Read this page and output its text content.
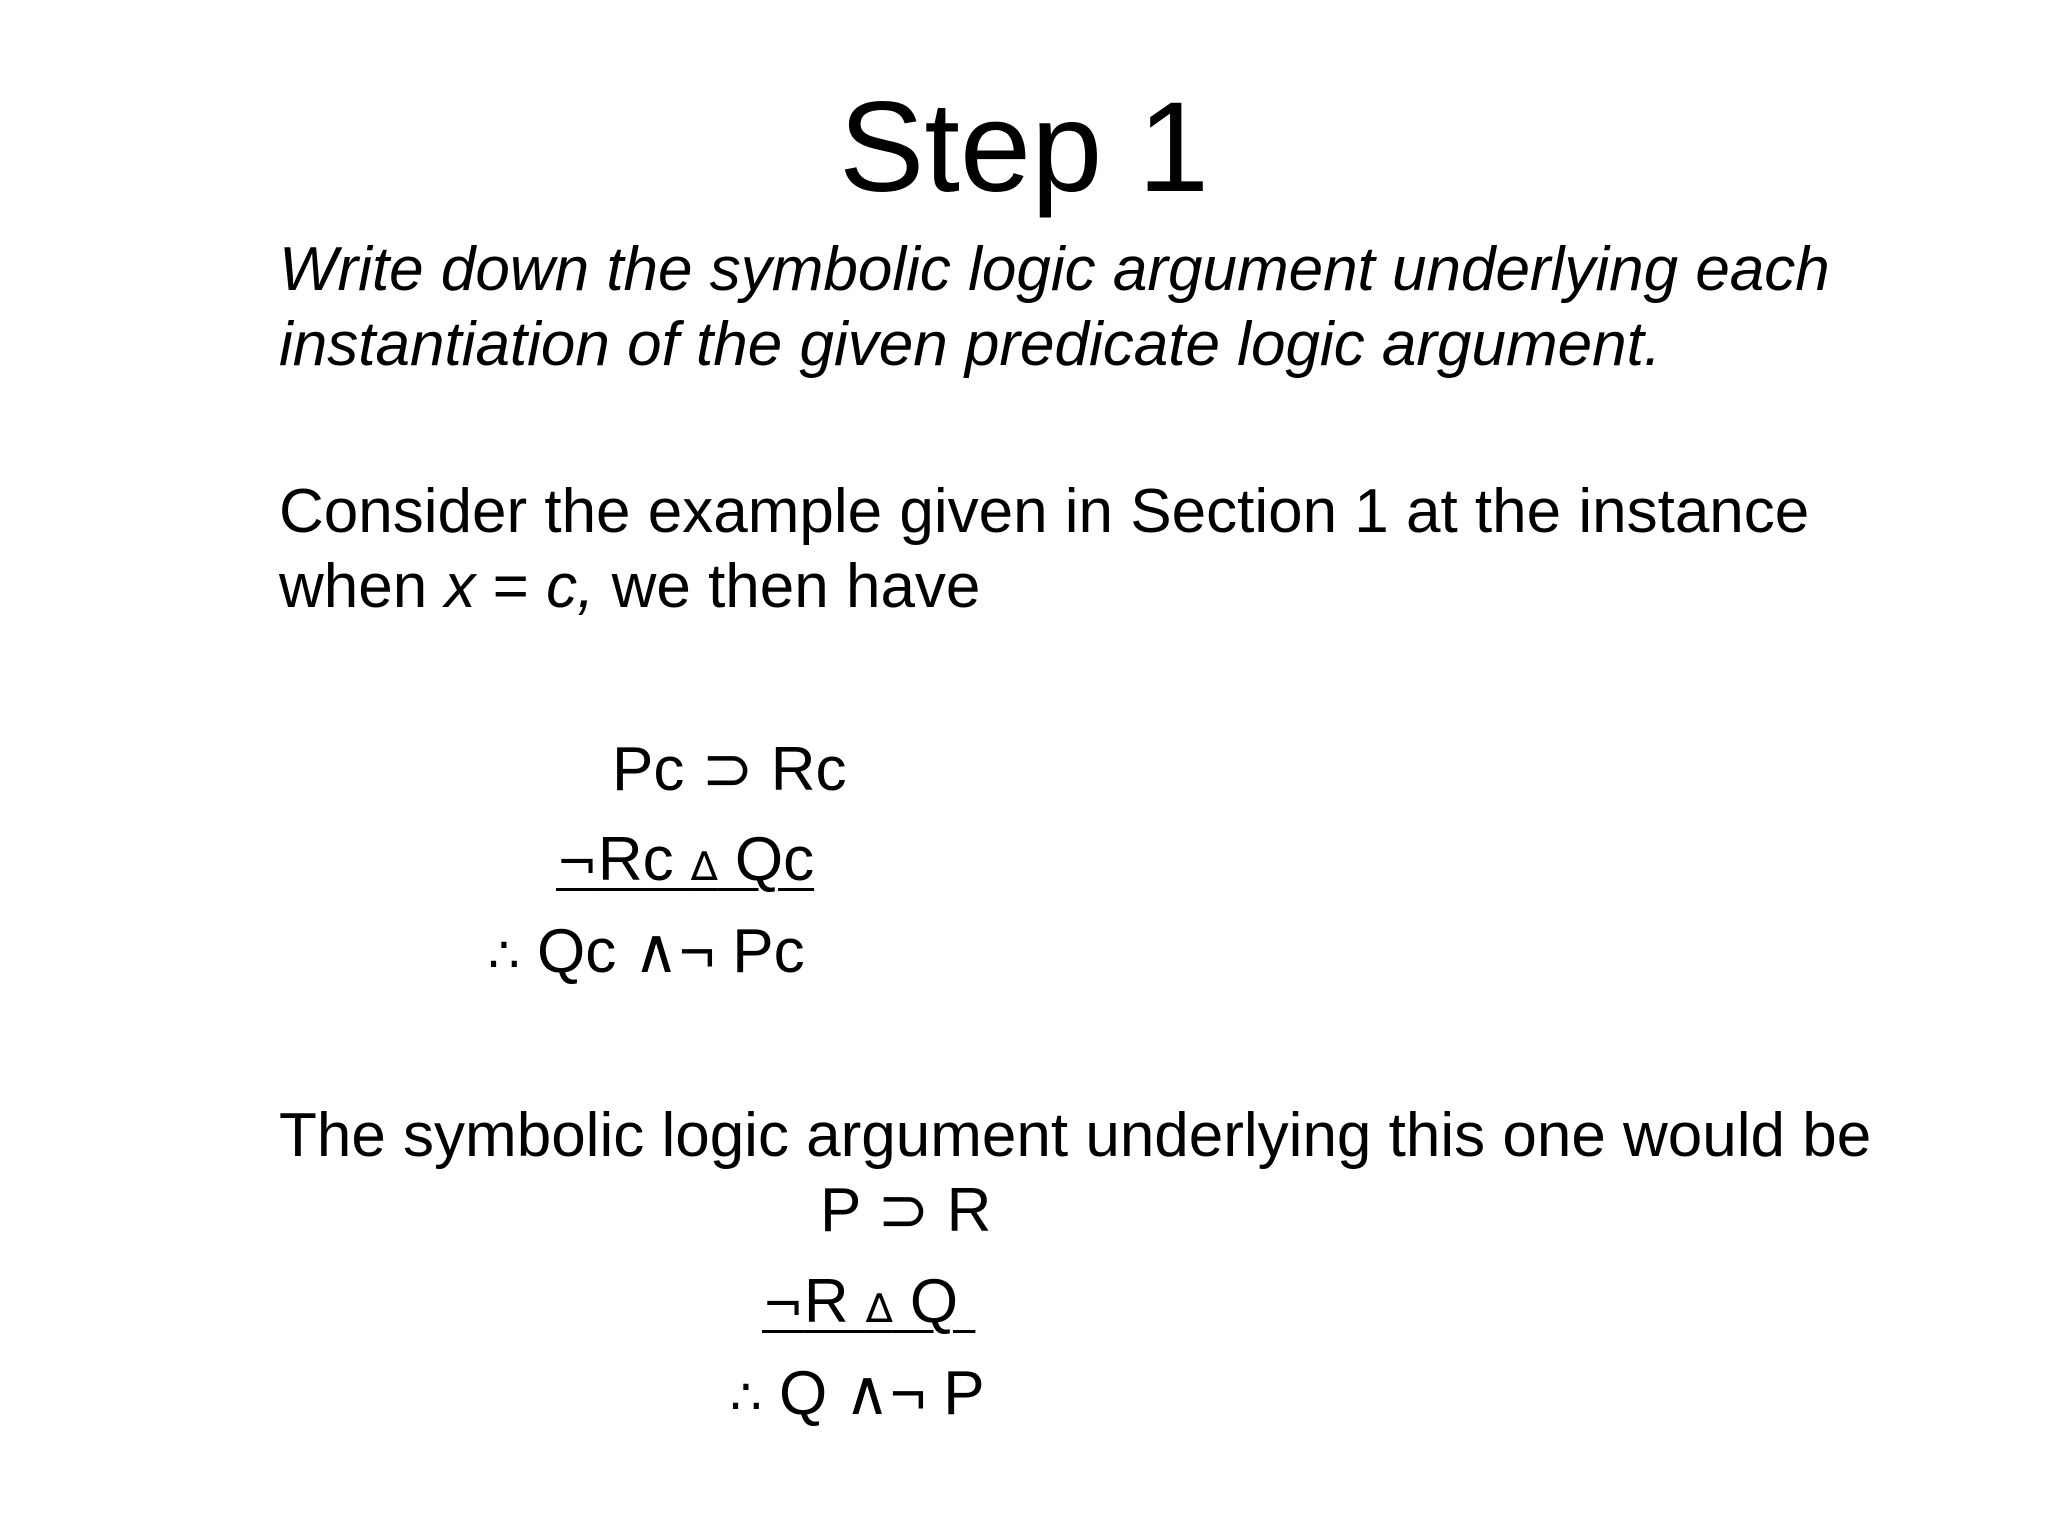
Step 1

Write down the symbolic logic argument underlying each instantiation of the given predicate logic argument.

Consider the example given in Section 1 at the instance when x = c, we then have

Pc ⊃ Rc
¬Rc ∆ Qc
∴ Qc ∧¬ Pc

The symbolic logic argument underlying this one would be

P ⊃ R
¬R ∆ Q
∴ Q ∧¬ P
